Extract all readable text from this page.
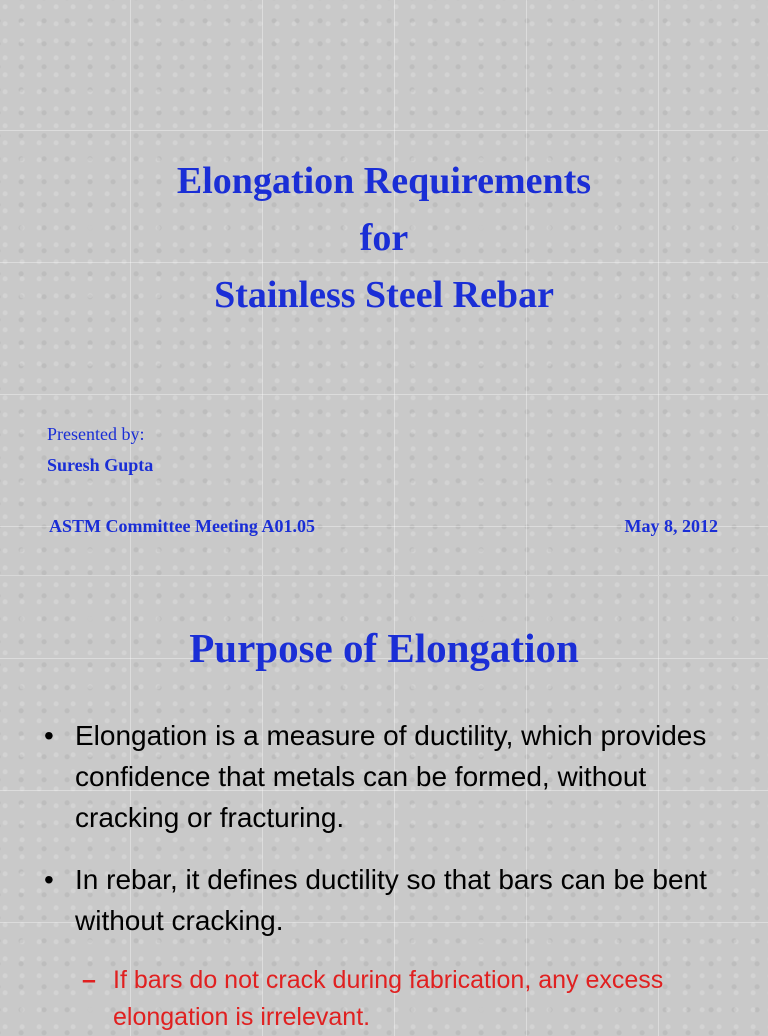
Elongation Requirements
for
Stainless Steel Rebar
Presented by:
Suresh Gupta
ASTM Committee Meeting A01.05	May 8, 2012
Purpose of Elongation
• Elongation is a measure of ductility, which provides confidence that metals can be formed, without cracking or fracturing.
• In rebar, it defines ductility so that bars can be bent without cracking.
– If bars do not crack during fabrication, any excess elongation is irrelevant.
